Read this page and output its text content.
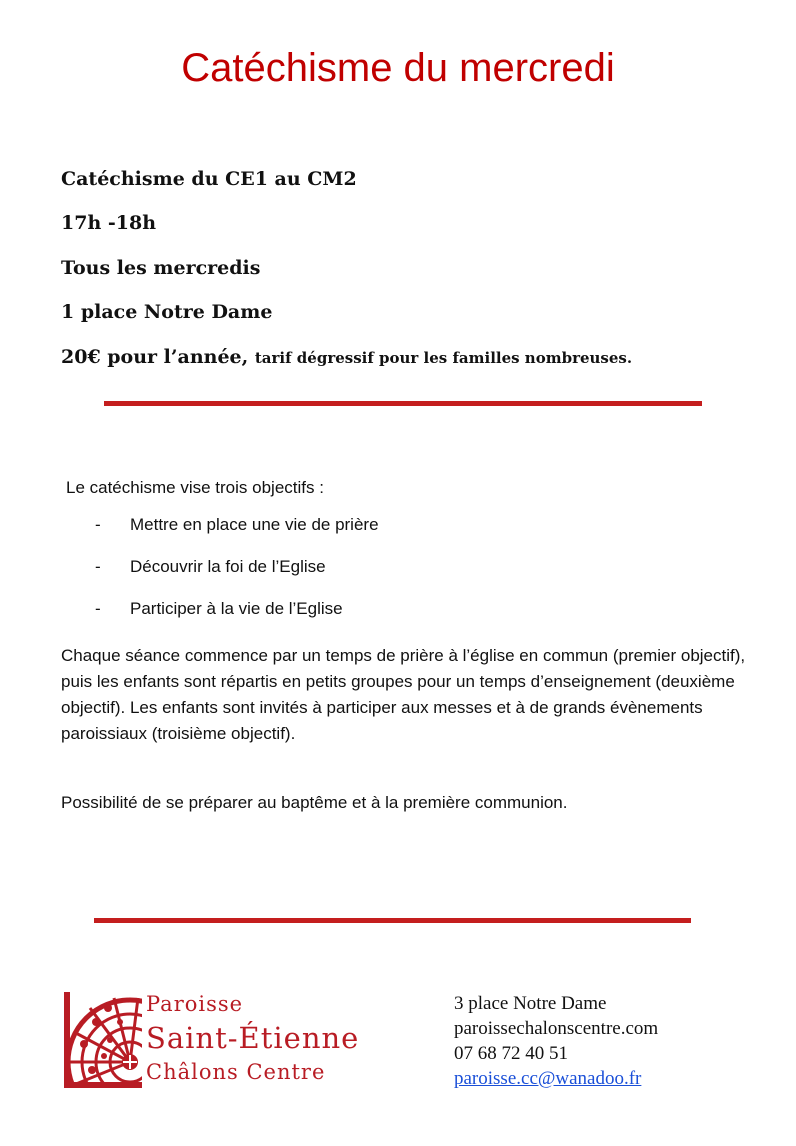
Catéchisme du mercredi
Catéchisme du CE1 au CM2
17h -18h
Tous les mercredis
1 place Notre Dame
20€ pour l’année, tarif dégressif pour les familles nombreuses.
Le catéchisme vise trois objectifs :
- Mettre en place une vie de prière
- Découvrir la foi de l’Eglise
- Participer à la vie de l’Eglise

Chaque séance commence par un temps de prière à l’église en commun (premier objectif), puis les enfants sont répartis en petits groupes pour un temps d’enseignement (deuxième objectif). Les enfants sont invités à participer aux messes et à de grands évènements paroissiaux (troisième objectif).

Possibilité de se préparer au baptême et à la première communion.

Paroisse
Saint-Étienne
Châlons Centre
3 place Notre Dame
paroissechalonscentre.com
07 68 72 40 51
paroisse.cc@wanadoo.fr
